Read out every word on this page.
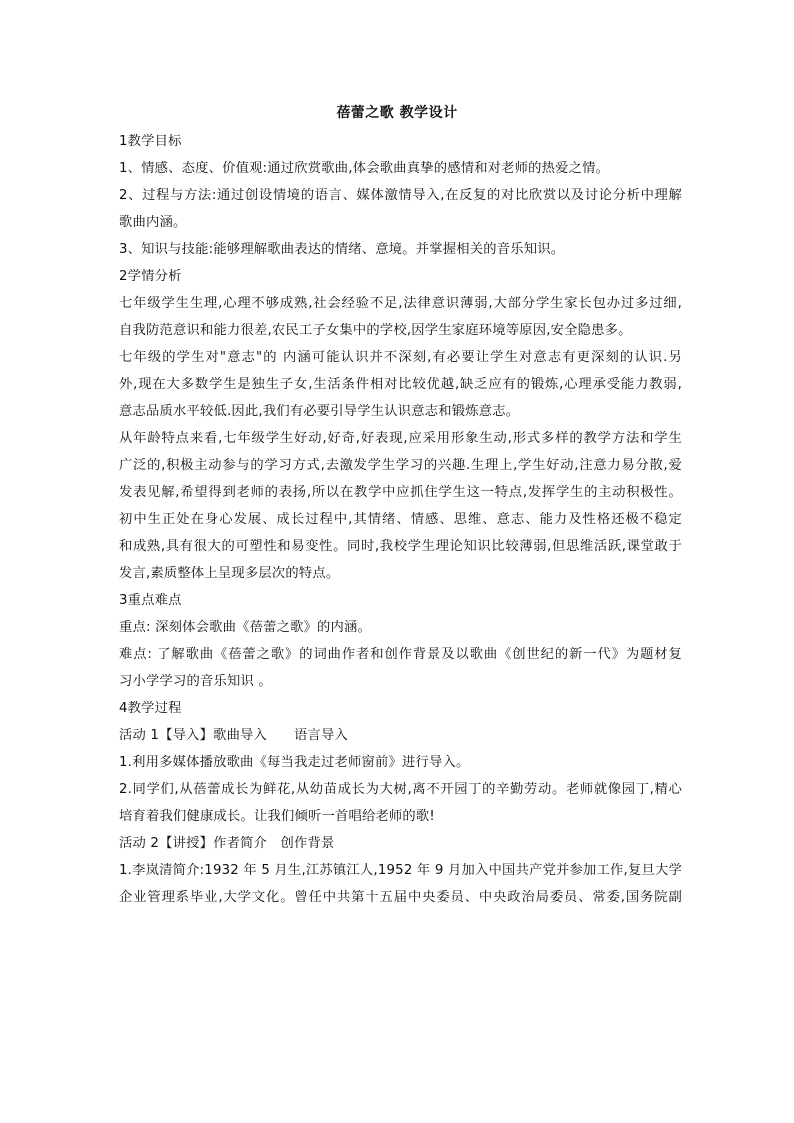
蓓蕾之歌 教学设计
1教学目标
1、情感、态度、价值观:通过欣赏歌曲,体会歌曲真挚的感情和对老师的热爱之情。
2、过程与方法:通过创设情境的语言、媒体激情导入,在反复的对比欣赏以及讨论分析中理解
歌曲内涵。
3、知识与技能:能够理解歌曲表达的情绪、意境。并掌握相关的音乐知识。
2学情分析
七年级学生生理,心理不够成熟,社会经验不足,法律意识薄弱,大部分学生家长包办过多过细,
自我防范意识和能力很差,农民工子女集中的学校,因学生家庭环境等原因,安全隐患多。
七年级的学生对"意志"的 内涵可能认识并不深刻,有必要让学生对意志有更深刻的认识.另
外,现在大多数学生是独生子女,生活条件相对比较优越,缺乏应有的锻炼,心理承受能力教弱,
意志品质水平较低.因此,我们有必要引导学生认识意志和锻炼意志。
从年龄特点来看,七年级学生好动,好奇,好表现,应采用形象生动,形式多样的教学方法和学生
广泛的,积极主动参与的学习方式,去激发学生学习的兴趣.生理上,学生好动,注意力易分散,爱
发表见解,希望得到老师的表扬,所以在教学中应抓住学生这一特点,发挥学生的主动积极性。
初中生正处在身心发展、成长过程中,其情绪、情感、思维、意志、能力及性格还极不稳定
和成熟,具有很大的可塑性和易变性。同时,我校学生理论知识比较薄弱,但思维活跃,课堂敢于
发言,素质整体上呈现多层次的特点。
3重点难点
重点: 深刻体会歌曲《蓓蕾之歌》的内涵。
难点: 了解歌曲《蓓蕾之歌》的词曲作者和创作背景及以歌曲《创世纪的新一代》为题材复
习小学学习的音乐知识 。
4教学过程
活动 1【导入】歌曲导入　　语言导入
1.利用多媒体播放歌曲《每当我走过老师窗前》进行导入。
2.同学们,从蓓蕾成长为鲜花,从幼苗成长为大树,离不开园丁的辛勤劳动。老师就像园丁,精心
培育着我们健康成长。让我们倾听一首唱给老师的歌!
活动 2【讲授】作者简介　创作背景
1.李岚清简介:1932 年 5 月生,江苏镇江人,1952 年 9 月加入中国共产党并参加工作,复旦大学
企业管理系毕业,大学文化。曾任中共第十五届中央委员、中央政治局委员、常委,国务院副
